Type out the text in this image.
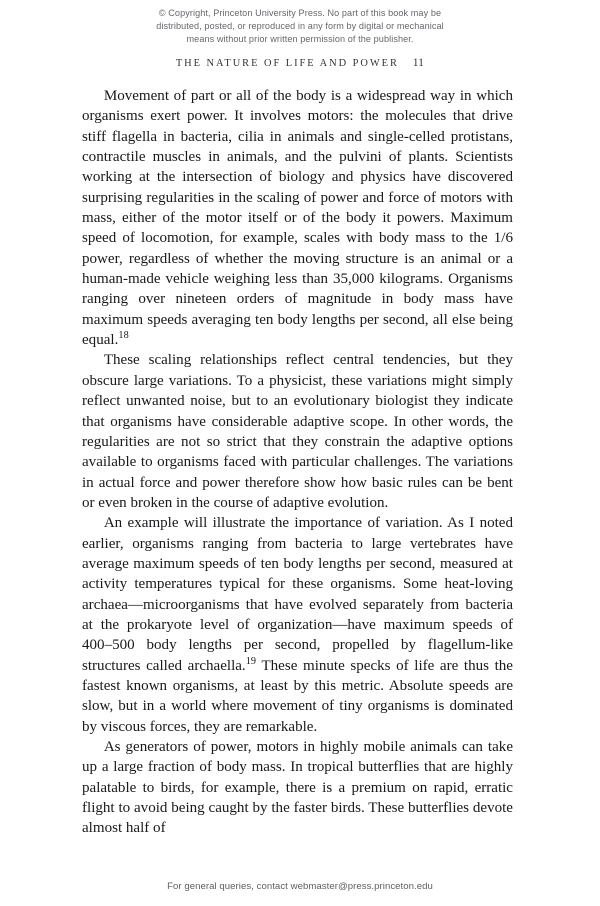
© Copyright, Princeton University Press. No part of this book may be
distributed, posted, or reproduced in any form by digital or mechanical
means without prior written permission of the publisher.
THE NATURE OF LIFE AND POWER 11

Movement of part or all of the body is a widespread way in which organisms exert power. It involves motors: the molecules that drive stiff flagella in bacteria, cilia in animals and single-celled protistans, contractile muscles in animals, and the pulvini of plants. Scientists working at the intersection of biology and physics have discovered surprising regularities in the scaling of power and force of motors with mass, either of the motor itself or of the body it powers. Maximum speed of locomotion, for example, scales with body mass to the 1/6 power, regardless of whether the moving structure is an animal or a human-made vehicle weighing less than 35,000 kilograms. Organisms ranging over nineteen orders of magnitude in body mass have maximum speeds averaging ten body lengths per second, all else being equal.$^{18}$

These scaling relationships reflect central tendencies, but they obscure large variations. To a physicist, these variations might simply reflect unwanted noise, but to an evolutionary biologist they indicate that organisms have considerable adaptive scope. In other words, the regularities are not so strict that they constrain the adaptive options available to organisms faced with particular challenges. The variations in actual force and power therefore show how basic rules can be bent or even broken in the course of adaptive evolution.

An example will illustrate the importance of variation. As I noted earlier, organisms ranging from bacteria to large vertebrates have average maximum speeds of ten body lengths per second, measured at activity temperatures typical for these organisms. Some heat-loving archaea—microorganisms that have evolved separately from bacteria at the prokaryote level of organization—have maximum speeds of 400–500 body lengths per second, propelled by flagellum-like structures called archaella.$^{19}$ These minute specks of life are thus the fastest known organisms, at least by this metric. Absolute speeds are slow, but in a world where movement of tiny organisms is dominated by viscous forces, they are remarkable.

As generators of power, motors in highly mobile animals can take up a large fraction of body mass. In tropical butterflies that are highly palatable to birds, for example, there is a premium on rapid, erratic flight to avoid being caught by the faster birds. These butterflies devote almost half of

For general queries, contact webmaster@press.princeton.edu
